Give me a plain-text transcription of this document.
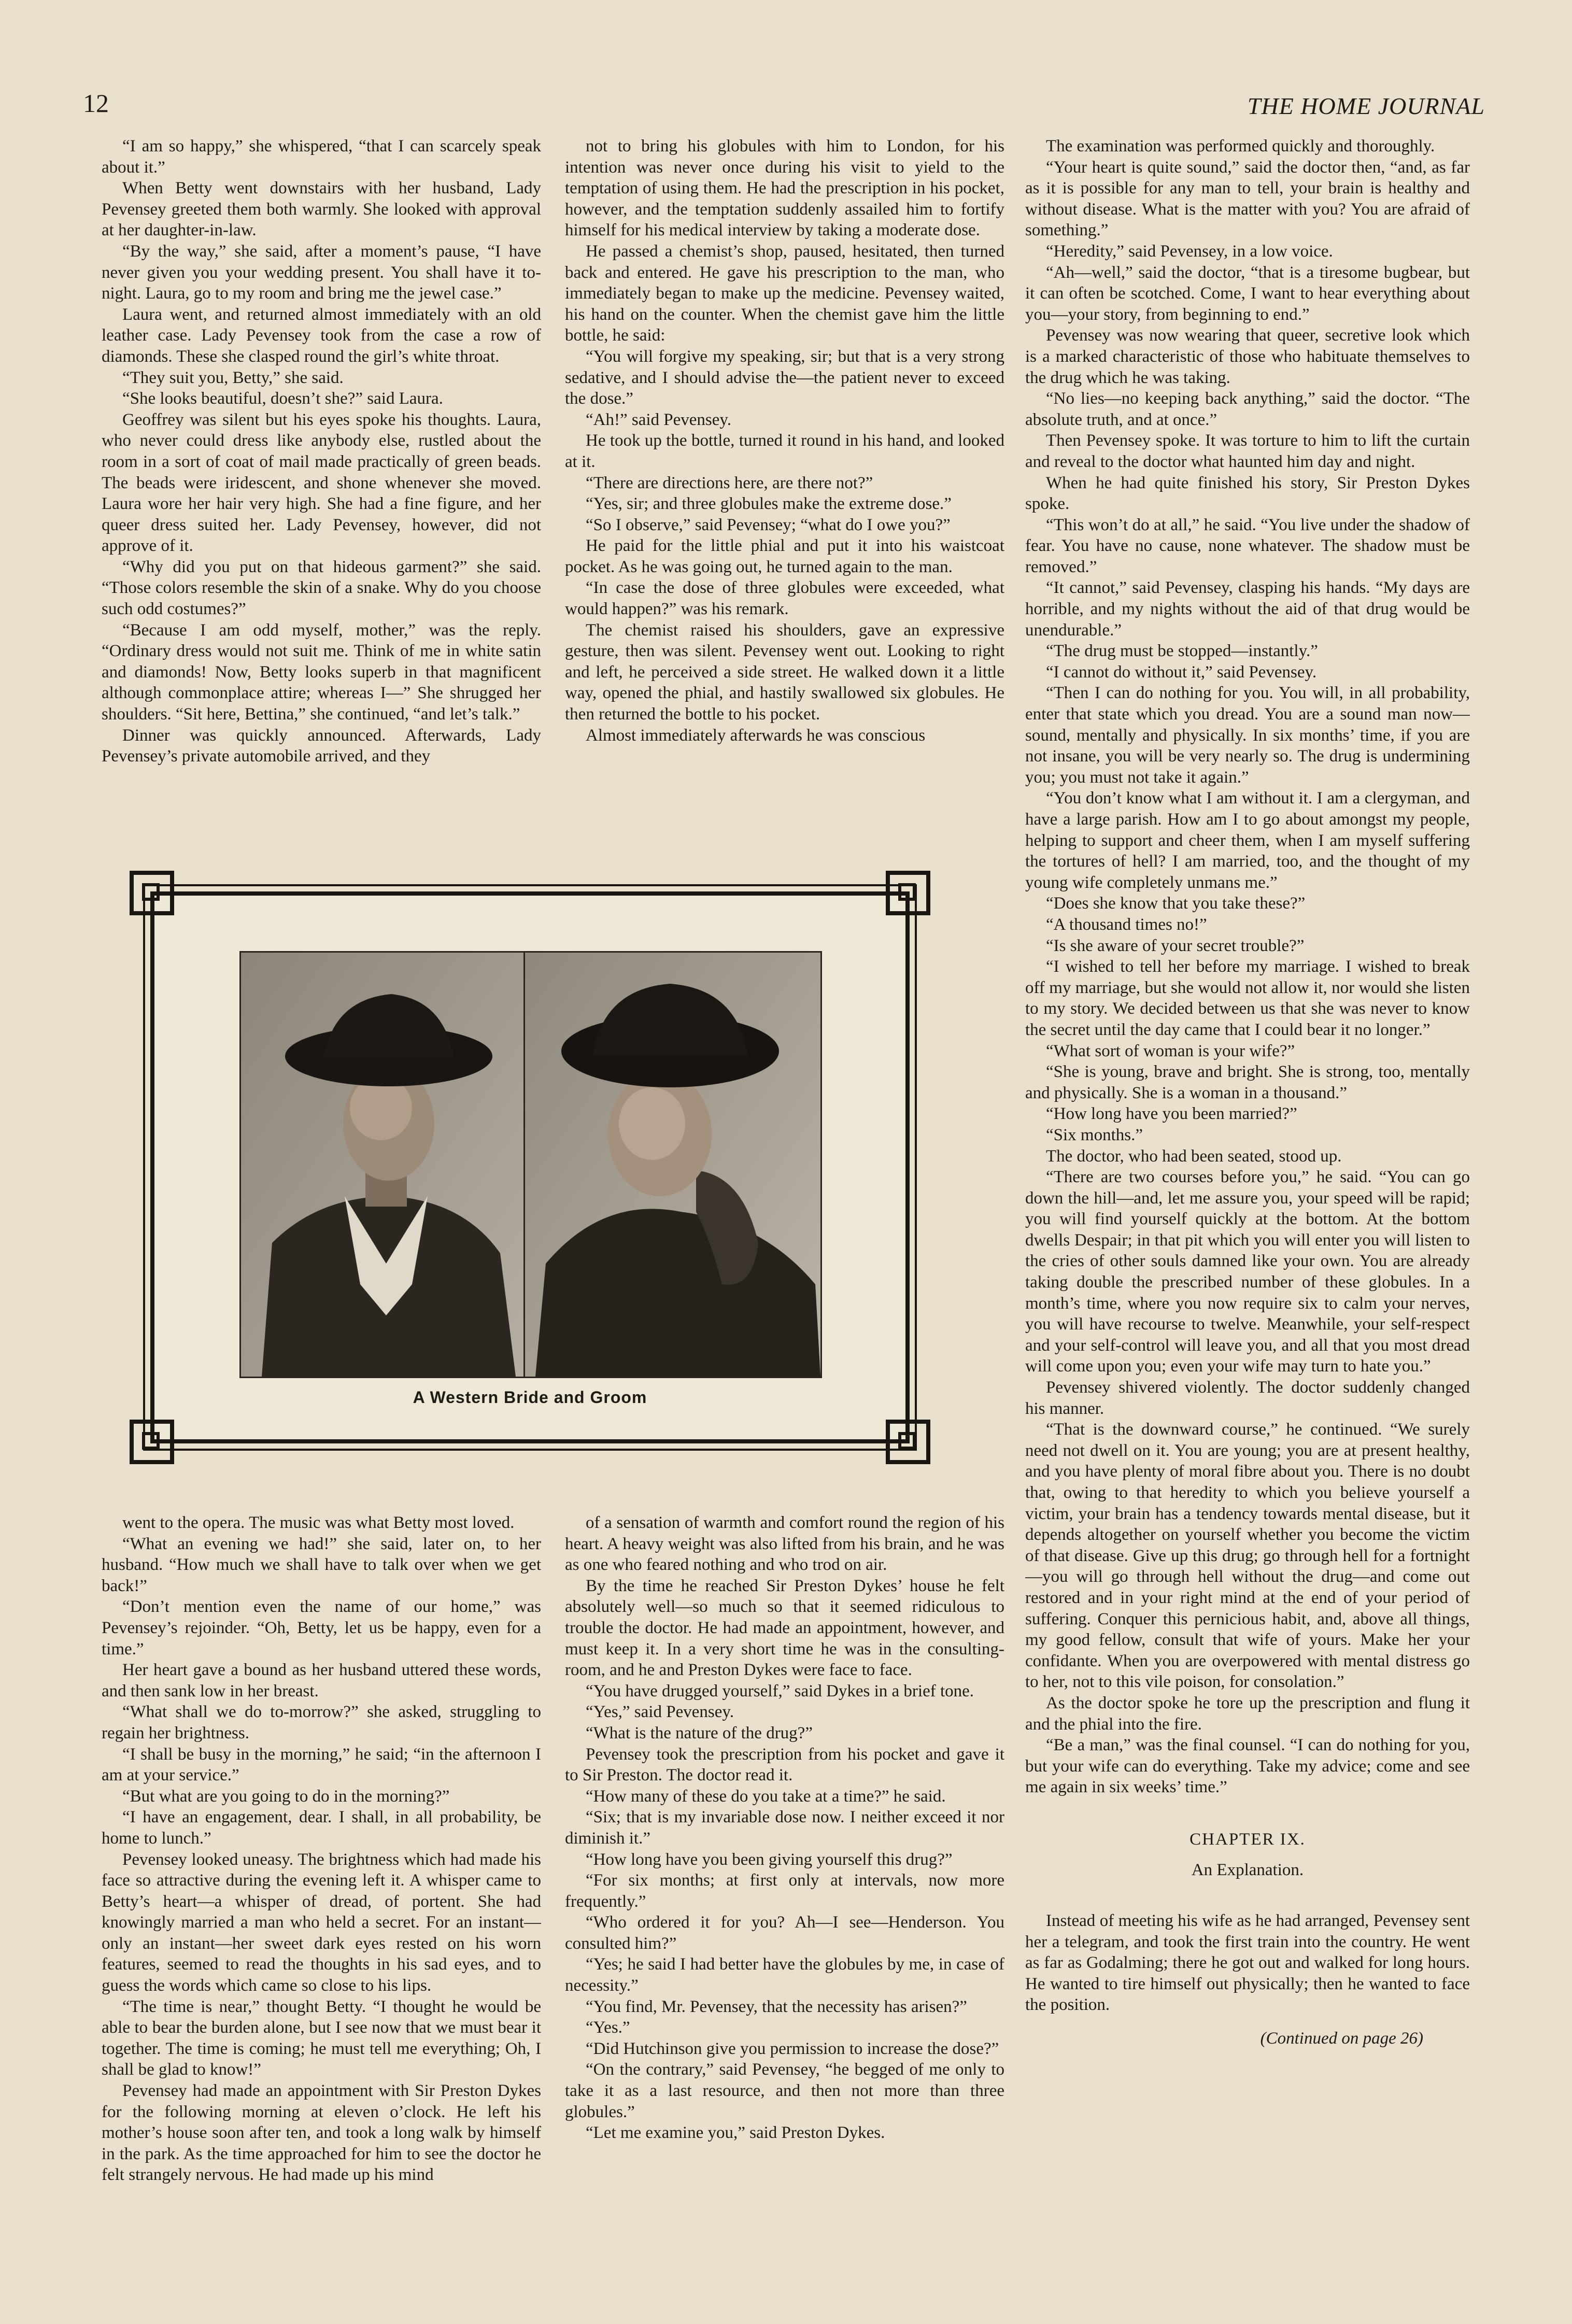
12	THE HOME JOURNAL

“I am so happy,” she whispered, “that I can scarcely speak about it.”

When Betty went downstairs with her husband, Lady Pevensey greeted them both warmly. She looked with approval at her daughter-in-law.

“By the way,” she said, after a moment’s pause, “I have never given you your wedding present. You shall have it to-night. Laura, go to my room and bring me the jewel case.”

Laura went, and returned almost immediately with an old leather case. Lady Pevensey took from the case a row of diamonds. These she clasped round the girl’s white throat.

“They suit you, Betty,” she said.

“She looks beautiful, doesn’t she?” said Laura.

Geoffrey was silent but his eyes spoke his thoughts. Laura, who never could dress like anybody else, rustled about the room in a sort of coat of mail made practically of green beads. The beads were iridescent, and shone whenever she moved. Laura wore her hair very high. She had a fine figure, and her queer dress suited her. Lady Pevensey, however, did not approve of it.

“Why did you put on that hideous garment?” she said. “Those colors resemble the skin of a snake. Why do you choose such odd costumes?”

“Because I am odd myself, mother,” was the reply. “Ordinary dress would not suit me. Think of me in white satin and diamonds! Now, Betty looks superb in that magnificent although commonplace attire; whereas I—” She shrugged her shoulders. “Sit here, Bettina,” she continued, “and let’s talk.”

Dinner was quickly announced. Afterwards, Lady Pevensey’s private automobile arrived, and they

not to bring his globules with him to London, for his intention was never once during his visit to yield to the temptation of using them. He had the prescription in his pocket, however, and the temptation suddenly assailed him to fortify himself for his medical interview by taking a moderate dose.

He passed a chemist’s shop, paused, hesitated, then turned back and entered. He gave his prescription to the man, who immediately began to make up the medicine. Pevensey waited, his hand on the counter. When the chemist gave him the little bottle, he said:

“You will forgive my speaking, sir; but that is a very strong sedative, and I should advise the—the patient never to exceed the dose.”

“Ah!” said Pevensey.

He took up the bottle, turned it round in his hand, and looked at it.

“There are directions here, are there not?”

“Yes, sir; and three globules make the extreme dose.”

“So I observe,” said Pevensey; “what do I owe you?”

He paid for the little phial and put it into his waistcoat pocket. As he was going out, he turned again to the man.

“In case the dose of three globules were exceeded, what would happen?” was his remark.

The chemist raised his shoulders, gave an expressive gesture, then was silent. Pevensey went out. Looking to right and left, he perceived a side street. He walked down it a little way, opened the phial, and hastily swallowed six globules. He then returned the bottle to his pocket.

Almost immediately afterwards he was conscious

went to the opera. The music was what Betty most loved.

“What an evening we had!” she said, later on, to her husband. “How much we shall have to talk over when we get back!”

“Don’t mention even the name of our home,” was Pevensey’s rejoinder. “Oh, Betty, let us be happy, even for a time.”

Her heart gave a bound as her husband uttered these words, and then sank low in her breast.

“What shall we do to-morrow?” she asked, struggling to regain her brightness.

“I shall be busy in the morning,” he said; “in the afternoon I am at your service.”

“But what are you going to do in the morning?”

“I have an engagement, dear. I shall, in all probability, be home to lunch.”

Pevensey looked uneasy. The brightness which had made his face so attractive during the evening left it. A whisper came to Betty’s heart—a whisper of dread, of portent. She had knowingly married a man who held a secret. For an instant—only an instant—her sweet dark eyes rested on his worn features, seemed to read the thoughts in his sad eyes, and to guess the words which came so close to his lips.

“The time is near,” thought Betty. “I thought he would be able to bear the burden alone, but I see now that we must bear it together. The time is coming; he must tell me everything; Oh, I shall be glad to know!”

Pevensey had made an appointment with Sir Preston Dykes for the following morning at eleven o’clock. He left his mother’s house soon after ten, and took a long walk by himself in the park. As the time approached for him to see the doctor he felt strangely nervous. He had made up his mind

of a sensation of warmth and comfort round the region of his heart. A heavy weight was also lifted from his brain, and he was as one who feared nothing and who trod on air.

By the time he reached Sir Preston Dykes’ house he felt absolutely well—so much so that it seemed ridiculous to trouble the doctor. He had made an appointment, however, and must keep it. In a very short time he was in the consulting-room, and he and Preston Dykes were face to face.

“You have drugged yourself,” said Dykes in a brief tone.

“Yes,” said Pevensey.

“What is the nature of the drug?”

Pevensey took the prescription from his pocket and gave it to Sir Preston. The doctor read it.

“How many of these do you take at a time?” he said.

“Six; that is my invariable dose now. I neither exceed it nor diminish it.”

“How long have you been giving yourself this drug?”

“For six months; at first only at intervals, now more frequently.”

“Who ordered it for you? Ah—I see—Henderson. You consulted him?”

“Yes; he said I had better have the globules by me, in case of necessity.”

“You find, Mr. Pevensey, that the necessity has arisen?”

“Yes.”

“Did Hutchinson give you permission to increase the dose?”

“On the contrary,” said Pevensey, “he begged of me only to take it as a last resource, and then not more than three globules.”

“Let me examine you,” said Preston Dykes.

The examination was performed quickly and thoroughly.

“Your heart is quite sound,” said the doctor then, “and, as far as it is possible for any man to tell, your brain is healthy and without disease. What is the matter with you? You are afraid of something.”

“Heredity,” said Pevensey, in a low voice.

“Ah—well,” said the doctor, “that is a tiresome bugbear, but it can often be scotched. Come, I want to hear everything about you—your story, from beginning to end.”

Pevensey was now wearing that queer, secretive look which is a marked characteristic of those who habituate themselves to the drug which he was taking.

“No lies—no keeping back anything,” said the doctor. “The absolute truth, and at once.”

Then Pevensey spoke. It was torture to him to lift the curtain and reveal to the doctor what haunted him day and night.

When he had quite finished his story, Sir Preston Dykes spoke.

“This won’t do at all,” he said. “You live under the shadow of fear. You have no cause, none whatever. The shadow must be removed.”

“It cannot,” said Pevensey, clasping his hands. “My days are horrible, and my nights without the aid of that drug would be unendurable.”

“The drug must be stopped—instantly.”

“I cannot do without it,” said Pevensey.

“Then I can do nothing for you. You will, in all probability, enter that state which you dread. You are a sound man now—sound, mentally and physically. In six months’ time, if you are not insane, you will be very nearly so. The drug is undermining you; you must not take it again.”

“You don’t know what I am without it. I am a clergyman, and have a large parish. How am I to go about amongst my people, helping to support and cheer them, when I am myself suffering the tortures of hell? I am married, too, and the thought of my young wife completely unmans me.”

“Does she know that you take these?”

“A thousand times no!”

“Is she aware of your secret trouble?”

“I wished to tell her before my marriage. I wished to break off my marriage, but she would not allow it, nor would she listen to my story. We decided between us that she was never to know the secret until the day came that I could bear it no longer.”

“What sort of woman is your wife?”

“She is young, brave and bright. She is strong, too, mentally and physically. She is a woman in a thousand.”

“How long have you been married?”

“Six months.”

The doctor, who had been seated, stood up.

“There are two courses before you,” he said. “You can go down the hill—and, let me assure you, your speed will be rapid; you will find yourself quickly at the bottom. At the bottom dwells Despair; in that pit which you will enter you will listen to the cries of other souls damned like your own. You are already taking double the prescribed number of these globules. In a month’s time, where you now require six to calm your nerves, you will have recourse to twelve. Meanwhile, your self-respect and your self-control will leave you, and all that you most dread will come upon you; even your wife may turn to hate you.”

Pevensey shivered violently. The doctor suddenly changed his manner.

“That is the downward course,” he continued. “We surely need not dwell on it. You are young; you are at present healthy, and you have plenty of moral fibre about you. There is no doubt that, owing to that heredity to which you believe yourself a victim, your brain has a tendency towards mental disease, but it depends altogether on yourself whether you become the victim of that disease. Give up this drug; go through hell for a fortnight—you will go through hell without the drug—and come out restored and in your right mind at the end of your period of suffering. Conquer this pernicious habit, and, above all things, my good fellow, consult that wife of yours. Make her your confidante. When you are overpowered with mental distress go to her, not to this vile poison, for consolation.”

As the doctor spoke he tore up the prescription and flung it and the phial into the fire.

“Be a man,” was the final counsel. “I can do nothing for you, but your wife can do everything. Take my advice; come and see me again in six weeks’ time.”

CHAPTER IX.

An Explanation.

Instead of meeting his wife as he had arranged, Pevensey sent her a telegram, and took the first train into the country. He went as far as Godalming; there he got out and walked for long hours. He wanted to tire himself out physically; then he wanted to face the position.

(Continued on page 26)

A Western Bride and Groom
